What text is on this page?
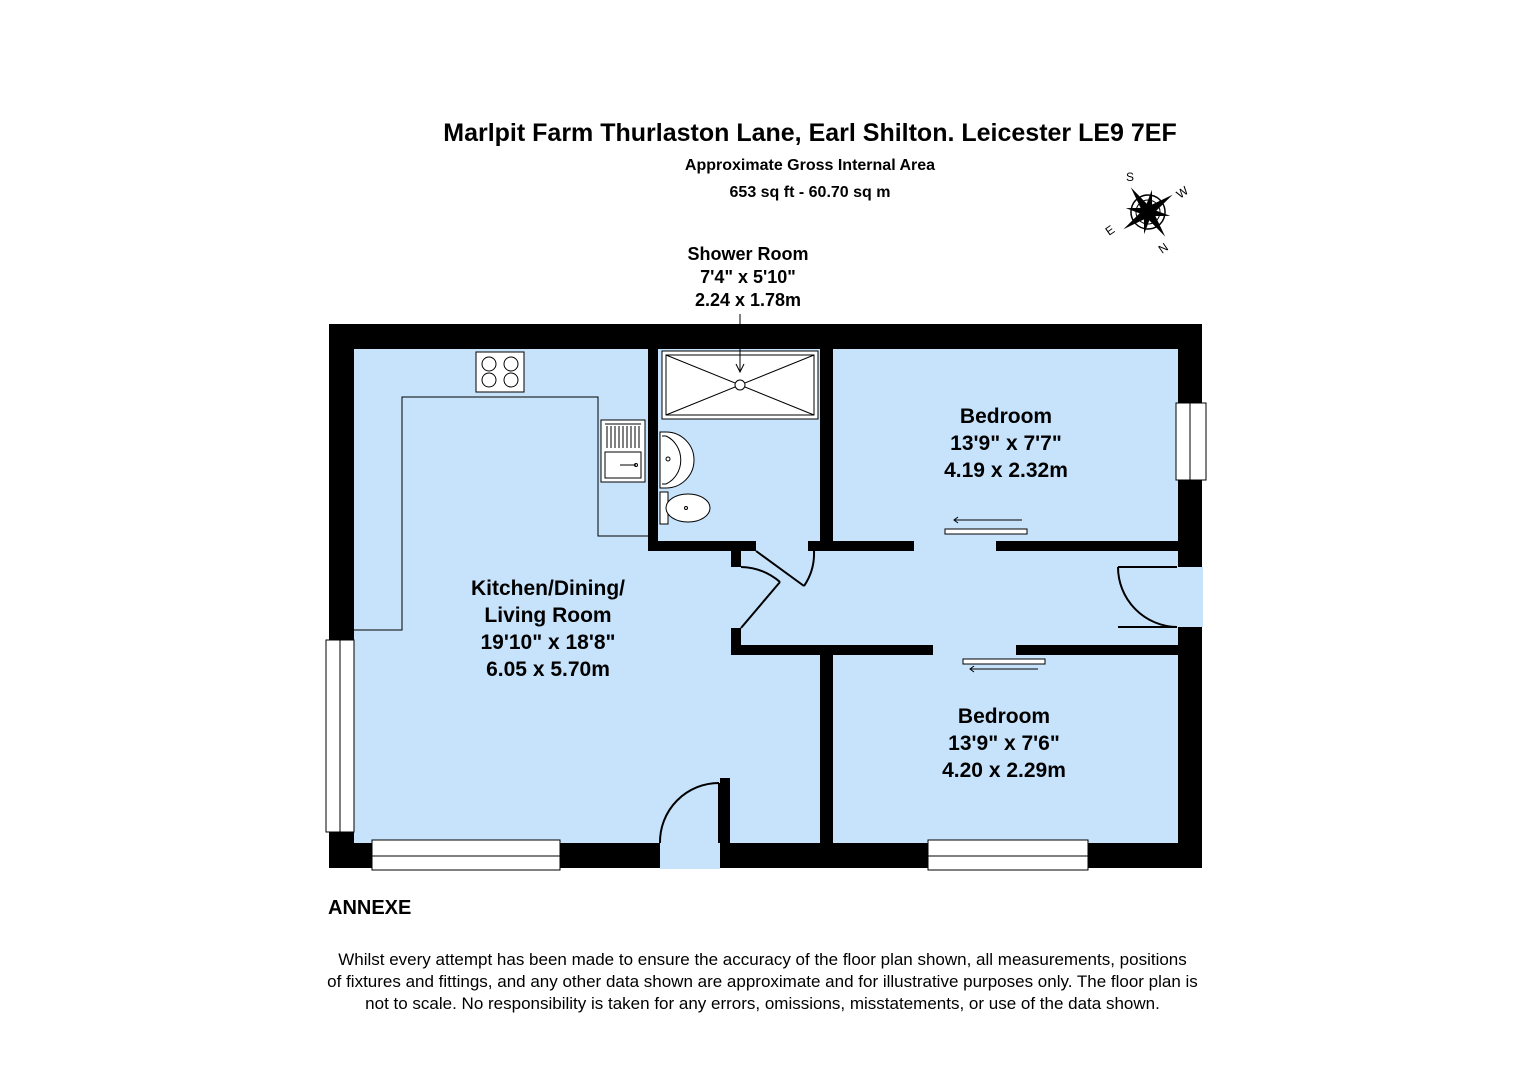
S
W
E
N
Marlpit Farm Thurlaston Lane, Earl Shilton. Leicester LE9 7EF
Approximate Gross Internal Area
653 sq ft - 60.70 sq m
Shower Room
7'4" x 5'10"
2.24 x 1.78m
Kitchen/Dining/
Living Room
19'10" x 18'8"
6.05 x 5.70m
Bedroom
13'9" x 7'7"
4.19 x 2.32m
Bedroom
13'9" x 7'6"
4.20 x 2.29m
ANNEXE
Whilst every attempt has been made to ensure the accuracy of the floor plan shown, all measurements, positions
of fixtures and fittings, and any other data shown are approximate and for illustrative purposes only. The floor plan is
not to scale. No responsibility is taken for any errors, omissions, misstatements, or use of the data shown.
